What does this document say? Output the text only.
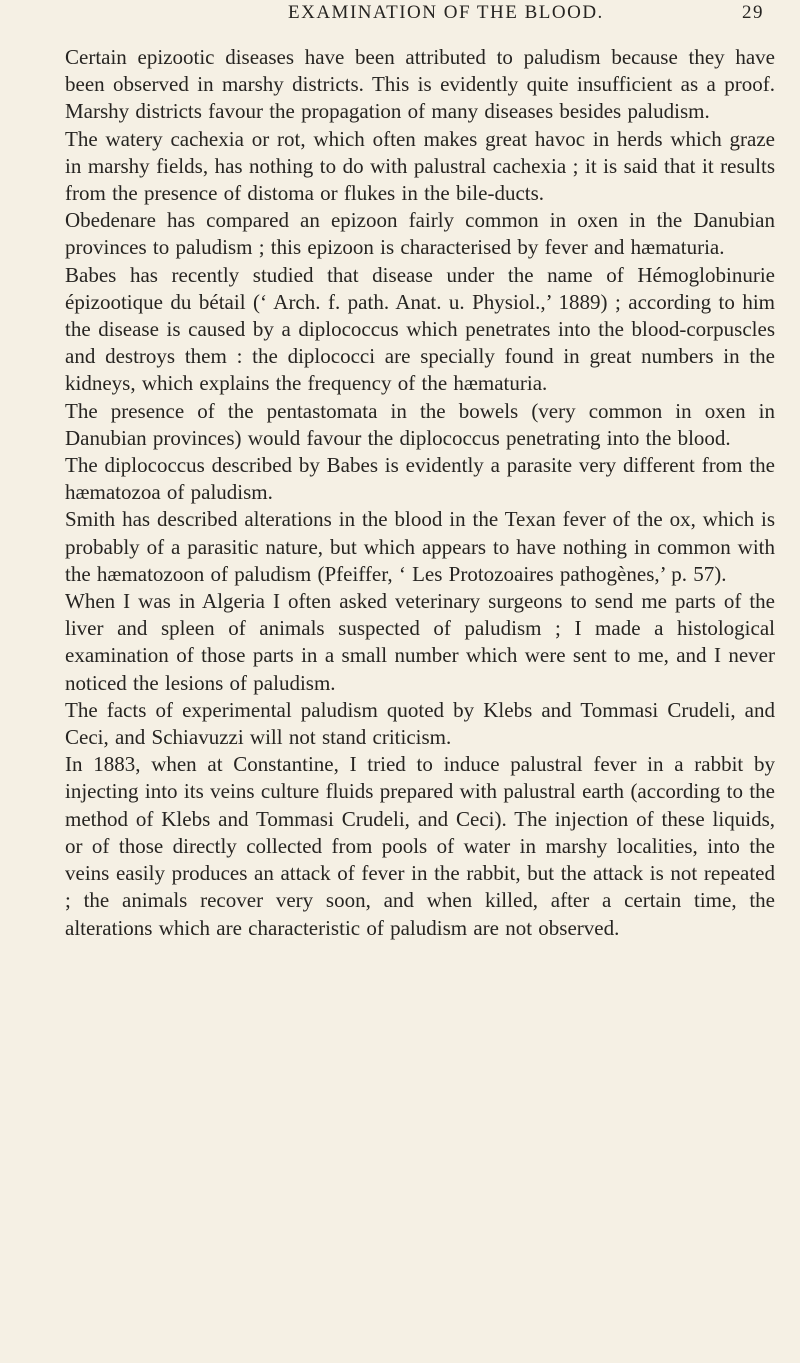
EXAMINATION OF THE BLOOD.	29

Certain epizootic diseases have been attributed to paludism because they have been observed in marshy districts. This is evidently quite insufficient as a proof. Marshy districts favour the propagation of many diseases besides paludism.

The watery cachexia or rot, which often makes great havoc in herds which graze in marshy fields, has nothing to do with palustral cachexia ; it is said that it results from the presence of distoma or flukes in the bile-ducts.

Obedenare has compared an epizoon fairly common in oxen in the Danubian provinces to paludism ; this epizoon is characterised by fever and hæmaturia.

Babes has recently studied that disease under the name of Hémoglobinurie épizootique du bétail (‘ Arch. f. path. Anat. u. Physiol.,’ 1889) ; according to him the disease is caused by a diplococcus which penetrates into the blood-corpuscles and destroys them : the diplococci are specially found in great numbers in the kidneys, which explains the frequency of the hæmaturia.

The presence of the pentastomata in the bowels (very common in oxen in Danubian provinces) would favour the diplococcus penetrating into the blood.

The diplococcus described by Babes is evidently a parasite very different from the hæmatozoa of paludism.

Smith has described alterations in the blood in the Texan fever of the ox, which is probably of a parasitic nature, but which appears to have nothing in common with the hæmatozoon of paludism (Pfeiffer, ‘ Les Protozoaires pathogènes,’ p. 57).

When I was in Algeria I often asked veterinary surgeons to send me parts of the liver and spleen of animals suspected of paludism ; I made a histological examination of those parts in a small number which were sent to me, and I never noticed the lesions of paludism.

The facts of experimental paludism quoted by Klebs and Tommasi Crudeli, and Ceci, and Schiavuzzi will not stand criticism.

In 1883, when at Constantine, I tried to induce palustral fever in a rabbit by injecting into its veins culture fluids prepared with palustral earth (according to the method of Klebs and Tommasi Crudeli, and Ceci). The injection of these liquids, or of those directly collected from pools of water in marshy localities, into the veins easily produces an attack of fever in the rabbit, but the attack is not repeated ; the animals recover very soon, and when killed, after a certain time, the alterations which are characteristic of paludism are not observed.
